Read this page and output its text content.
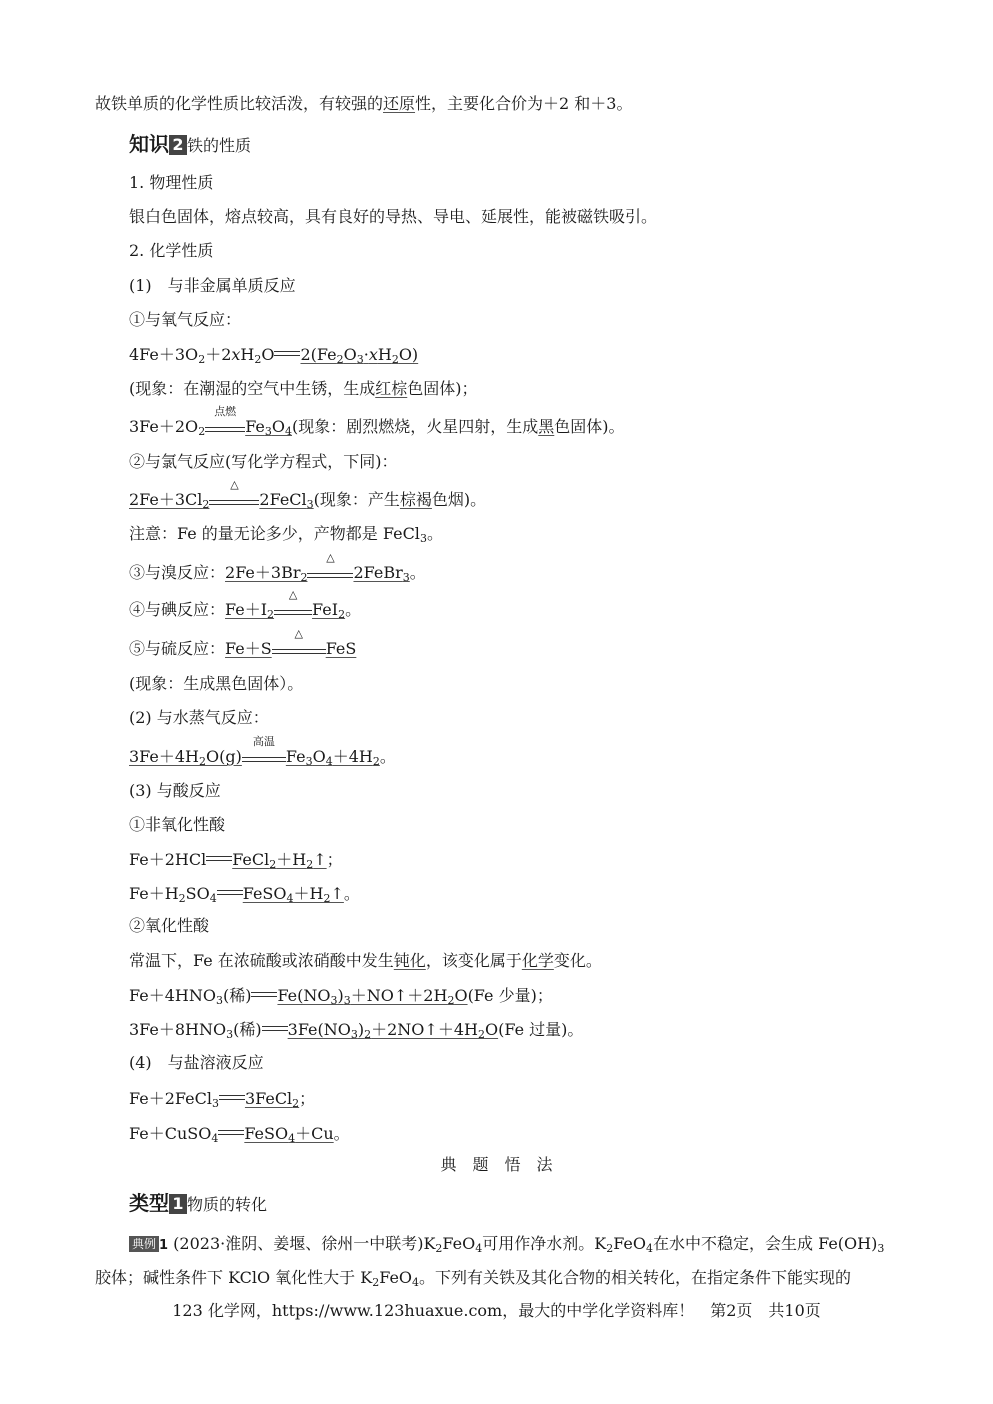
故铁单质的化学性质比较活泼，有较强的还原性，主要化合价为＋2 和＋3。
知识 2 铁的性质
1. 物理性质
银白色固体，熔点较高，具有良好的导热、导电、延展性，能被磁铁吸引。
2. 化学性质
(1)　与非金属单质反应
①与氧气反应：
$4Fe+3O_2+2xH_2O$ $2(Fe_2O_3\cdot xH_2O)$
(现象：在潮湿的空气中生锈，生成红棕色固体)；
$3Fe+2O_2$
点燃
$Fe_3O_4$(现象：剧烈燃烧，火星四射，生成黑色固体)。
②与氯气反应(写化学方程式，下同)：
$2Fe+3Cl_2$
△
2FeCl$_3$(现象：产生棕褐色烟)。
注意：Fe 的量无论多少，产物都是 FeCl$_3$。
③与溴反应：$2Fe+3Br_2$
△
2FeBr$_3$。
④与碘反应：$Fe+I_2$
△
FeI$_2$。
⑤与硫反应：Fe＋S
△
FeS
(现象：生成黑色固体）。
(2) 与水蒸气反应：
$3Fe+4H_2O(g)$
高温
$Fe_3O_4+4H_2$。
(3) 与酸反应
①非氧化性酸
Fe＋2HCl $FeCl_2+H_2↑$；
$Fe+H_2SO_4$ $FeSO_4+H_2↑$。
②氧化性酸
常温下，Fe 在浓硫酸或浓硝酸中发生钝化，该变化属于化学变化。
$Fe+4HNO_3$(稀) $Fe(NO_3)_3+NO↑+2H_2O(Fe$ 少量)；
$3Fe+8HNO_3$(稀) $3Fe(NO_3)_2+2NO↑+4H_2O(Fe$ 过量)。
(4)　与盐溶液反应
Fe＋2FeCl$_3$ 3FeCl$_2$；
Fe＋CuSO$_4$ FeSO$_4$＋Cu。
典　题　悟　法
类型 1 物质的转化
典例 1 (2023·淮阴、姜堰、徐州一中联考)$K_2FeO_4$可用作净水剂。$K_2FeO_4$在水中不稳定，会生成 $Fe(OH)_3$
胶体；碱性条件下 KClO 氧化性大于 $K_2FeO_4$。下列有关铁及其化合物的相关转化，在指定条件下能实现的
123 化学网，https://www.123huaxue.com，最大的中学化学资料库！　第2页　共10页
